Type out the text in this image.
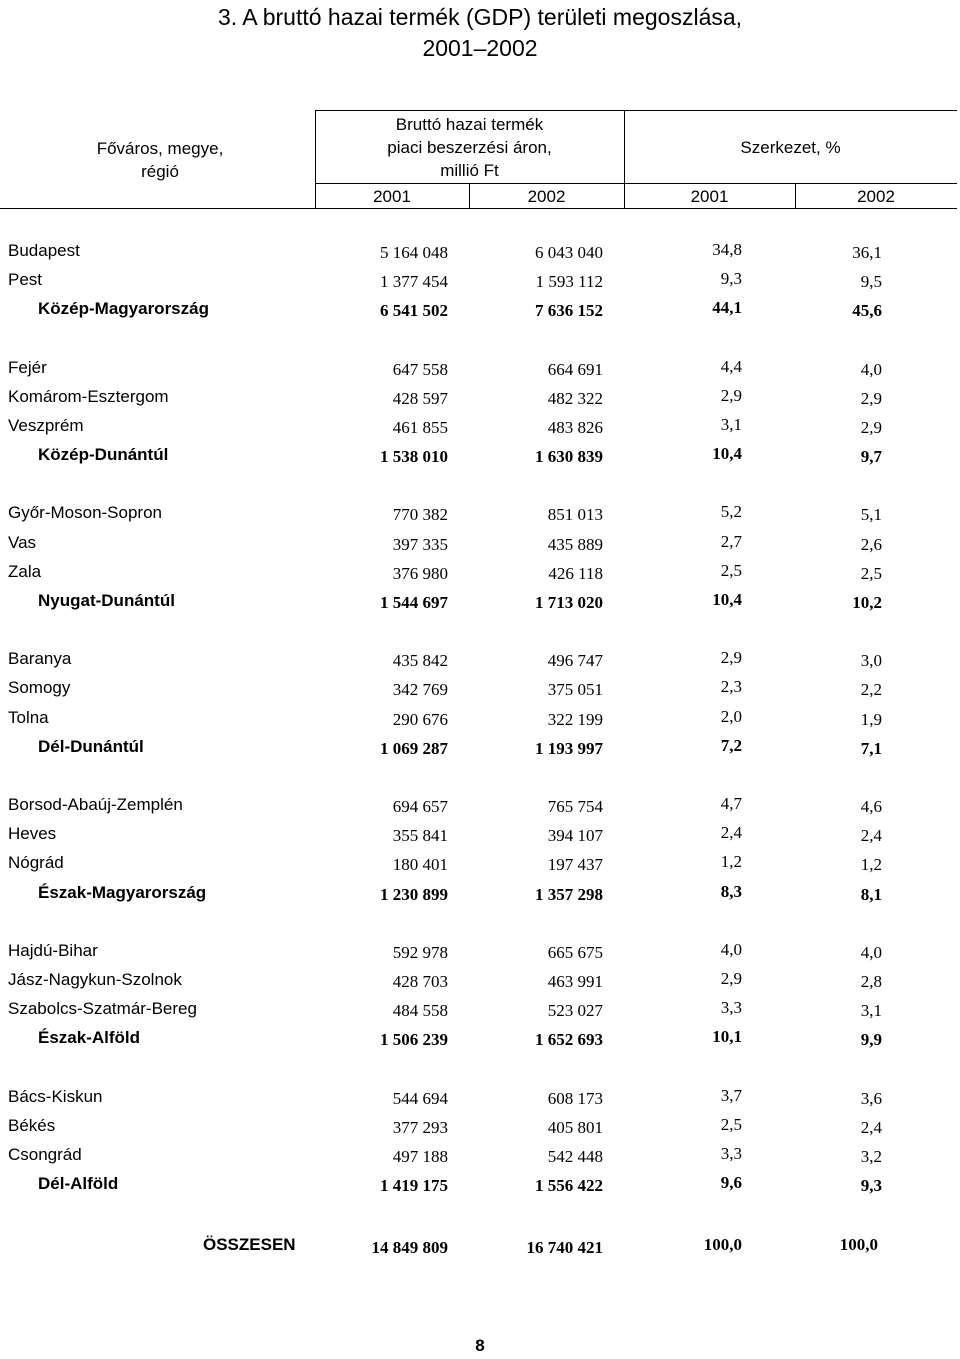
3. A bruttó hazai termék (GDP) területi megoszlása,
2001–2002
Főváros, megye,
régió
Bruttó hazai termék
piaci beszerzési áron,
millió Ft
Szerkezet, %
2001	2002	2001	2002
Budapest	5 164 048	6 043 040	34,8	36,1
Pest	1 377 454	1 593 112	9,3	9,5
Közép-Magyarország	6 541 502	7 636 152	44,1	45,6
Fejér	647 558	664 691	4,4	4,0
Komárom-Esztergom	428 597	482 322	2,9	2,9
Veszprém	461 855	483 826	3,1	2,9
Közép-Dunántúl	1 538 010	1 630 839	10,4	9,7
Győr-Moson-Sopron	770 382	851 013	5,2	5,1
Vas	397 335	435 889	2,7	2,6
Zala	376 980	426 118	2,5	2,5
Nyugat-Dunántúl	1 544 697	1 713 020	10,4	10,2
Baranya	435 842	496 747	2,9	3,0
Somogy	342 769	375 051	2,3	2,2
Tolna	290 676	322 199	2,0	1,9
Dél-Dunántúl	1 069 287	1 193 997	7,2	7,1
Borsod-Abaúj-Zemplén	694 657	765 754	4,7	4,6
Heves	355 841	394 107	2,4	2,4
Nógrád	180 401	197 437	1,2	1,2
Észak-Magyarország	1 230 899	1 357 298	8,3	8,1
Hajdú-Bihar	592 978	665 675	4,0	4,0
Jász-Nagykun-Szolnok	428 703	463 991	2,9	2,8
Szabolcs-Szatmár-Bereg	484 558	523 027	3,3	3,1
Észak-Alföld	1 506 239	1 652 693	10,1	9,9
Bács-Kiskun	544 694	608 173	3,7	3,6
Békés	377 293	405 801	2,5	2,4
Csongrád	497 188	542 448	3,3	3,2
Dél-Alföld	1 419 175	1 556 422	9,6	9,3
ÖSSZESEN	14 849 809	16 740 421	100,0	100,0
8
